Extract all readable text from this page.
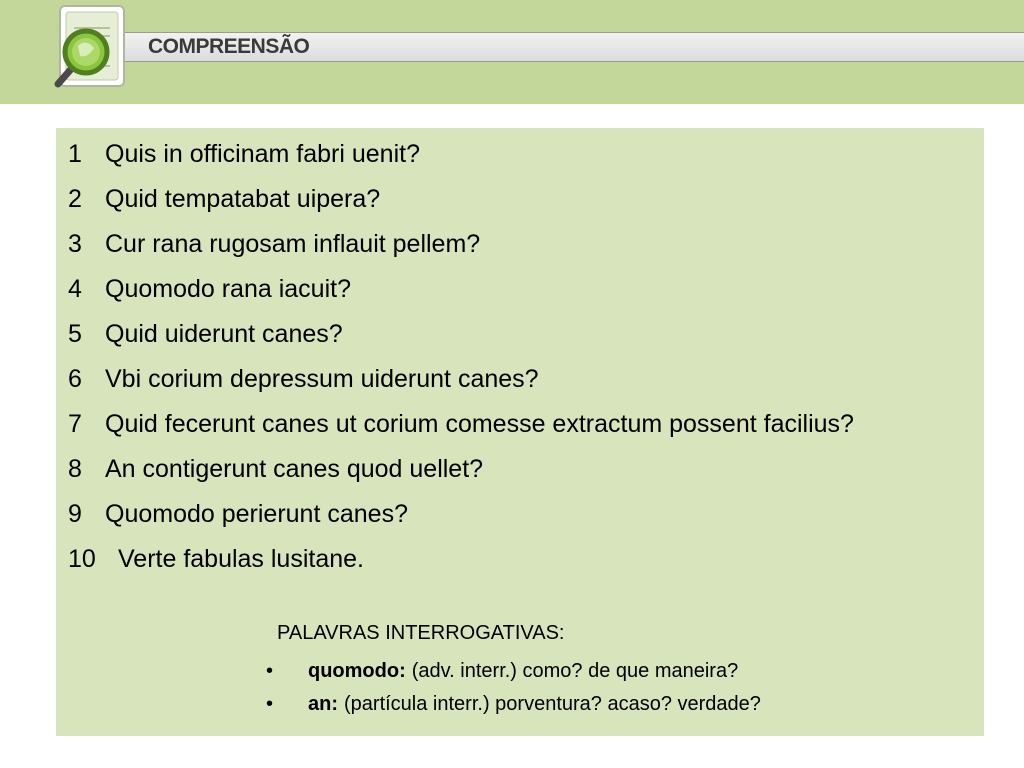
COMPREENSÃO
1 Quis in officinam fabri uenit?
2 Quid tempatabat uipera?
3 Cur rana rugosam inflauit pellem?
4 Quomodo rana iacuit?
5 Quid uiderunt canes?
6 Vbi corium depressum uiderunt canes?
7 Quid fecerunt canes ut corium comesse extractum possent facilius?
8 An contigerunt canes quod uellet?
9 Quomodo perierunt canes?
10 Verte fabulas lusitane.
PALAVRAS INTERROGATIVAS:
•	quomodo: (adv. interr.) como? de que maneira?
•	an: (partícula interr.) porventura? acaso? verdade?
